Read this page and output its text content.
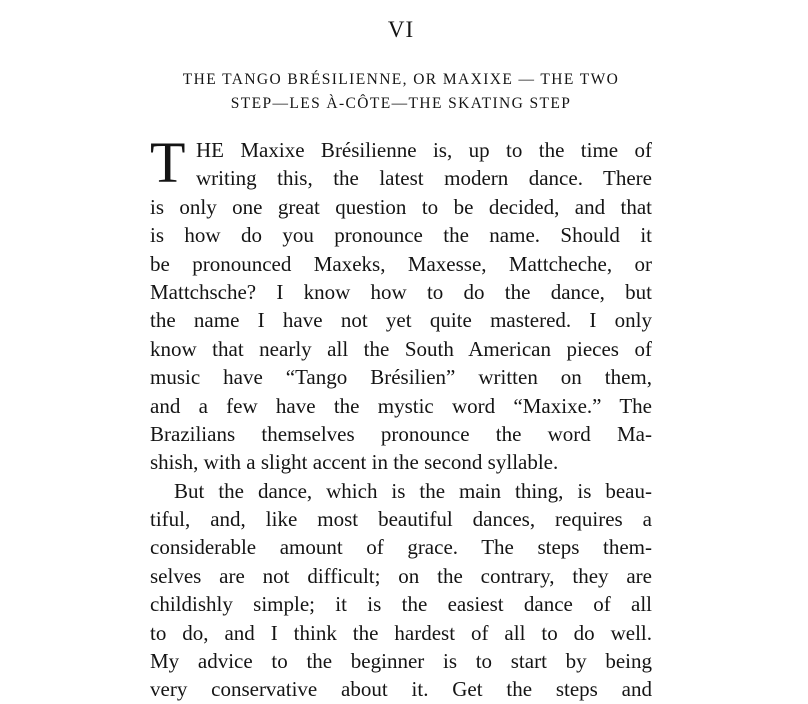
VI
THE TANGO BRÉSILIENNE, OR MAXIXE — THE TWO
STEP—LES À-CÔTE—THE SKATING STEP
T HE Maxixe Brésilienne is, up to the time of
writing this, the latest modern dance. There
is only one great question to be decided, and that
is how do you pronounce the name. Should it
be pronounced Maxeks, Maxesse, Mattcheche, or
Mattchsche? I know how to do the dance, but
the name I have not yet quite mastered. I only
know that nearly all the South American pieces of
music have “Tango Brésilien” written on them,
and a few have the mystic word “Maxixe.” The
Brazilians themselves pronounce the word Ma-
shish, with a slight accent in the second syllable.
But the dance, which is the main thing, is beau-
tiful, and, like most beautiful dances, requires a
considerable amount of grace. The steps them-
selves are not difficult; on the contrary, they are
childishly simple; it is the easiest dance of all
to do, and I think the hardest of all to do well.
My advice to the beginner is to start by being
very conservative about it. Get the steps and
